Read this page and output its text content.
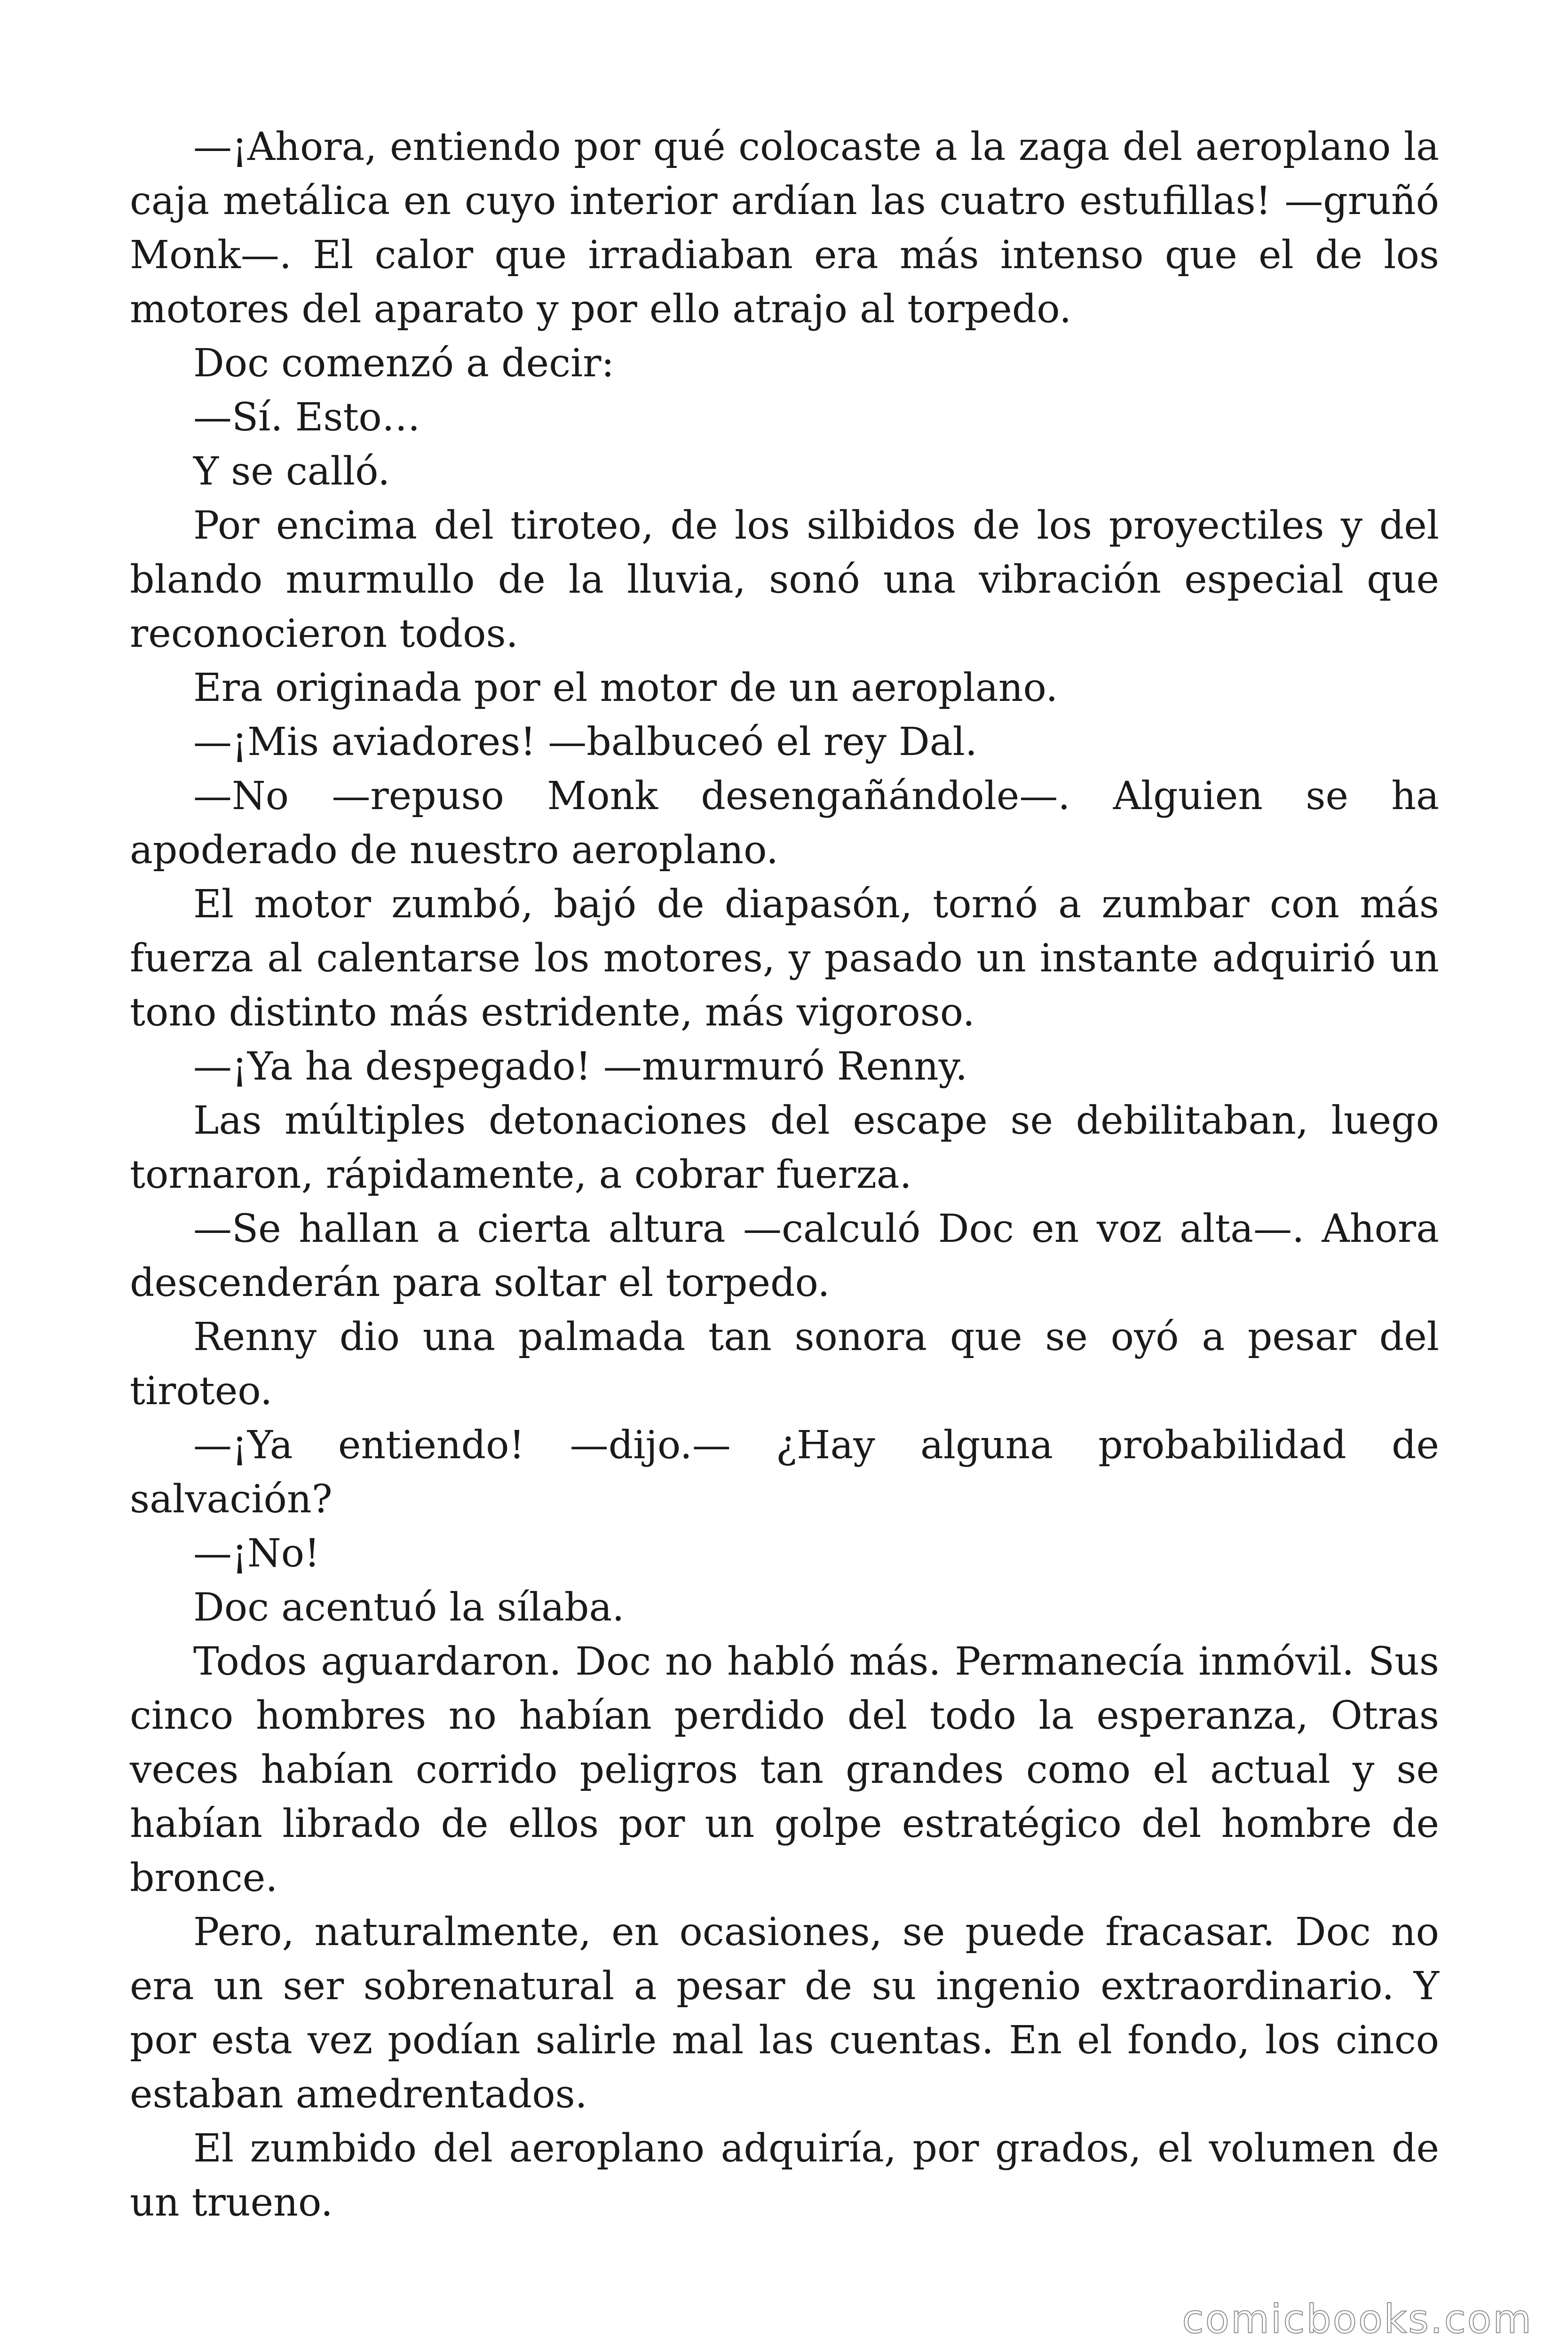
—¡Ahora, entiendo por qué colocaste a la zaga del aeroplano la caja metálica en cuyo interior ardían las cuatro estufillas! —gruñó Monk—. El calor que irradiaban era más intenso que el de los motores del aparato y por ello atrajo al torpedo.

Doc comenzó a decir:

—Sí. Esto…

Y se calló.

Por encima del tiroteo, de los silbidos de los proyectiles y del blando murmullo de la lluvia, sonó una vibración especial que reconocieron todos.

Era originada por el motor de un aeroplano.

—¡Mis aviadores! —balbuceó el rey Dal.

—No —repuso Monk desengañándole—. Alguien se ha apoderado de nuestro aeroplano.

El motor zumbó, bajó de diapasón, tornó a zumbar con más fuerza al calentarse los motores, y pasado un instante adquirió un tono distinto más estridente, más vigoroso.

—¡Ya ha despegado! —murmuró Renny.

Las múltiples detonaciones del escape se debilitaban, luego tornaron, rápidamente, a cobrar fuerza.

—Se hallan a cierta altura —calculó Doc en voz alta—. Ahora descenderán para soltar el torpedo.

Renny dio una palmada tan sonora que se oyó a pesar del tiroteo.

—¡Ya entiendo! —dijo.— ¿Hay alguna probabilidad de salvación?

—¡No!

Doc acentuó la sílaba.

Todos aguardaron. Doc no habló más. Permanecía inmóvil. Sus cinco hombres no habían perdido del todo la esperanza, Otras veces habían corrido peligros tan grandes como el actual y se habían librado de ellos por un golpe estratégico del hombre de bronce.

Pero, naturalmente, en ocasiones, se puede fracasar. Doc no era un ser sobrenatural a pesar de su ingenio extraordinario. Y por esta vez podían salirle mal las cuentas. En el fondo, los cinco estaban amedrentados.

El zumbido del aeroplano adquiría, por grados, el volumen de un trueno.

comicbooks.com
